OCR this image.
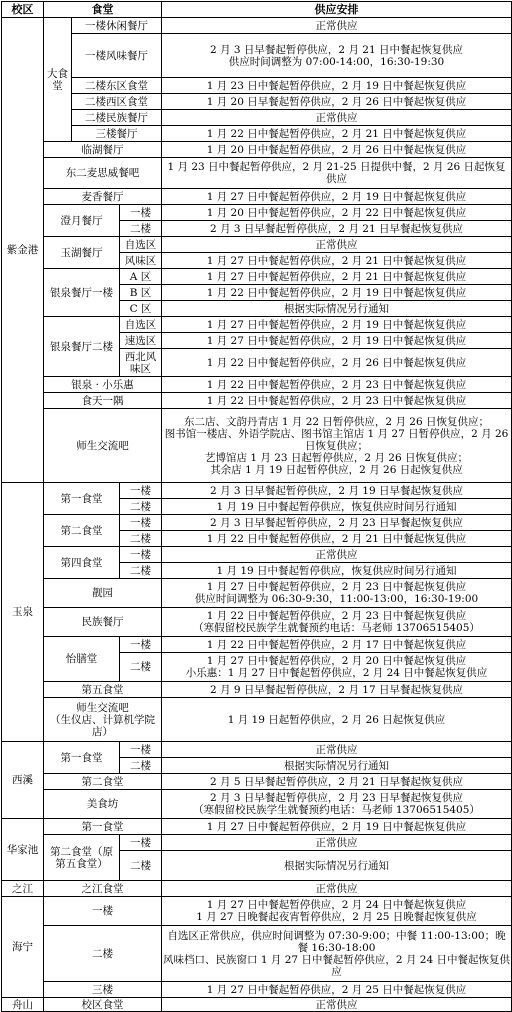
校区	食堂			供应安排
紫金港	大食堂	一楼休闲餐厅		正常供应
		一楼风味餐厅		2 月 3 日早餐起暂停供应，2 月 21 日中餐起恢复供应
供应时间调整为 07:00-14:00，16:30-19:30
		二楼东区食堂		1 月 23 日中餐起暂停供应，2 月 19 日中餐起恢复供应
		二楼西区食堂		1 月 20 日早餐起暂停供应，2 月 26 日中餐起恢复供应
		二楼民族餐厅		正常供应
		三楼餐厅		1 月 22 日中餐起暂停供应，2 月 21 日中餐起恢复供应
	临湖餐厅			1 月 20 日中餐起暂停供应，2 月 26 日中餐起恢复供应
	东二麦思威餐吧			1 月 23 日中餐起暂停供应，2 月 21-25 日提供中餐，2 月 26 日起恢复供应
	麦香餐厅			1 月 27 日中餐起暂停供应，2 月 19 日中餐起恢复供应
	澄月餐厅		一楼	1 月 20 日中餐起暂停供应，2 月 22 日中餐起恢复供应
			二楼	2 月 3 日早餐起暂停供应，2 月 21 日早餐起恢复供应
	玉湖餐厅		自选区	正常供应
			风味区	1 月 27 日中餐起暂停供应，2 月 21 日中餐起恢复供应
	银泉餐厅一楼		A 区	1 月 27 日中餐起暂停供应，2 月 21 日中餐起恢复供应
			B 区	1 月 22 日中餐起暂停供应，2 月 19 日中餐起恢复供应
			C 区	根据实际情况另行通知
	银泉餐厅二楼		自选区	1 月 27 日中餐起暂停供应，2 月 19 日中餐起恢复供应
			速选区	1 月 27 日中餐起暂停供应，2 月 19 日中餐起恢复供应
			西北风味区	1 月 22 日中餐起暂停供应，2 月 26 日中餐起恢复供应
	银泉 · 小乐惠			1 月 22 日中餐起暂停供应，2 月 23 日中餐起恢复供应
	食天一隅			1 月 22 日中餐起暂停供应，2 月 23 日中餐起恢复供应
	师生交流吧			东二店、文韵丹青店 1 月 22 日暂停供应，2 月 26 日恢复供应；
图书馆一楼店、外语学院店、图书馆主馆店 1 月 27 日暂停供应，2 月 26 日恢复供应；
艺博馆店 1 月 23 日起暂停供应，2 月 26 日恢复供应；
其余店 1 月 19 日起暂停供应，2 月 26 日起恢复供应

玉泉	第一食堂		一楼	2 月 3 日早餐起暂停供应，2 月 19 日早餐起恢复供应
			二楼	1 月 19 日中餐起暂停供应，恢复供应时间另行通知
	第二食堂		一楼	2 月 3 日早餐起暂停供应，2 月 23 日早餐起恢复供应
			二楼	1 月 22 日中餐起暂停供应，2 月 21 日中餐起恢复供应
	第四食堂		一楼	正常供应
			二楼	1 月 19 日中餐起暂停供应，恢复供应时间另行通知
	靓园			1 月 27 日中餐起暂停供应，2 月 23 日中餐起恢复供应
供应时间调整为 06:30-9:30，11:00-13:00，16:30-19:00
	民族餐厅			1 月 22 日中餐起暂停供应，2 月 23 日中餐起恢复供应
（寒假留校民族学生就餐预约电话：马老师 13706515405）
	怡膳堂		一楼	1 月 22 日中餐起暂停供应，2 月 17 日中餐起恢复供应
			二楼	1 月 27 日中餐起暂停供应，2 月 20 日中餐起恢复供应
小乐惠：1 月 27 日中餐起暂停供应，2 月 24 日中餐起恢复供应
	第五食堂			2 月 9 日早餐起暂停供应，2 月 17 日早餐起恢复供应
	师生交流吧
（生仪店、计算机学院店）			1 月 19 日起暂停供应，2 月 26 日起恢复供应

西溪	第一食堂		一楼	正常供应
			二楼	根据实际情况另行通知
	第二食堂			2 月 5 日早餐起暂停供应，2 月 21 日早餐起恢复供应
	美食坊			2 月 3 日早餐起暂停供应，2 月 23 日早餐起恢复供应
（寒假留校民族学生就餐预约电话：马老师 13706515405）
华家池	第一食堂			1 月 27 日中餐起暂停供应，2 月 19 日中餐起恢复供应
	第二食堂（原第五食堂）		一楼	正常供应
			二楼	根据实际情况另行通知
之江	之江食堂			正常供应
海宁	一楼			1 月 27 日中餐起暂停供应，2 月 24 日中餐起恢复供应
1 月 27 日晚餐起夜宵暂停供应，2 月 25 日晚餐起恢复供应
	二楼			自选区正常供应，供应时间调整为 07:30-9:00；中餐 11:00-13:00；晚餐 16:30-18:00
风味档口、民族窗口 1 月 27 日中餐起暂停供应，2 月 24 日中餐起恢复供应
	三楼			1 月 27 日中餐起暂停供应，2 月 25 日中餐起恢复供应
舟山	校区食堂			正常供应
